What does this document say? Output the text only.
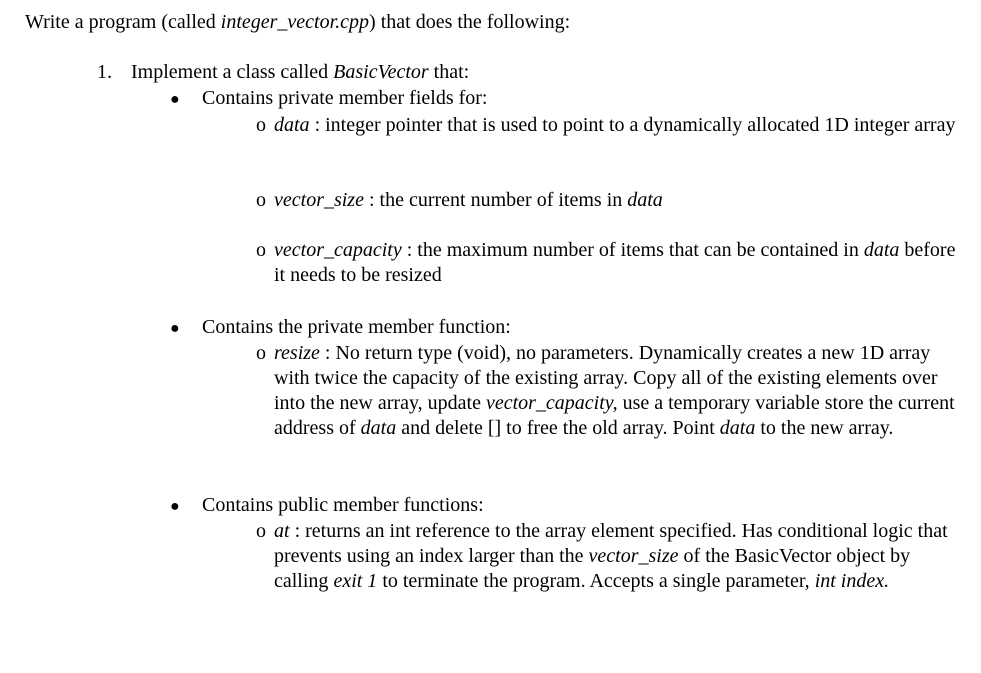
Write a program (called integer_vector.cpp) that does the following:
1. Implement a class called BasicVector that:
● Contains private member fields for:
o data : integer pointer that is used to point to a dynamically allocated 1D integer array
o vector_size : the current number of items in data
o vector_capacity : the maximum number of items that can be contained in data before it needs to be resized
● Contains the private member function:
o resize : No return type (void), no parameters. Dynamically creates a new 1D array with twice the capacity of the existing array. Copy all of the existing elements over into the new array, update vector_capacity, use a temporary variable store the current address of data and delete [] to free the old array. Point data to the new array.
● Contains public member functions:
o at : returns an int reference to the array element specified. Has conditional logic that prevents using an index larger than the vector_size of the BasicVector object by calling exit 1 to terminate the program. Accepts a single parameter, int index.
